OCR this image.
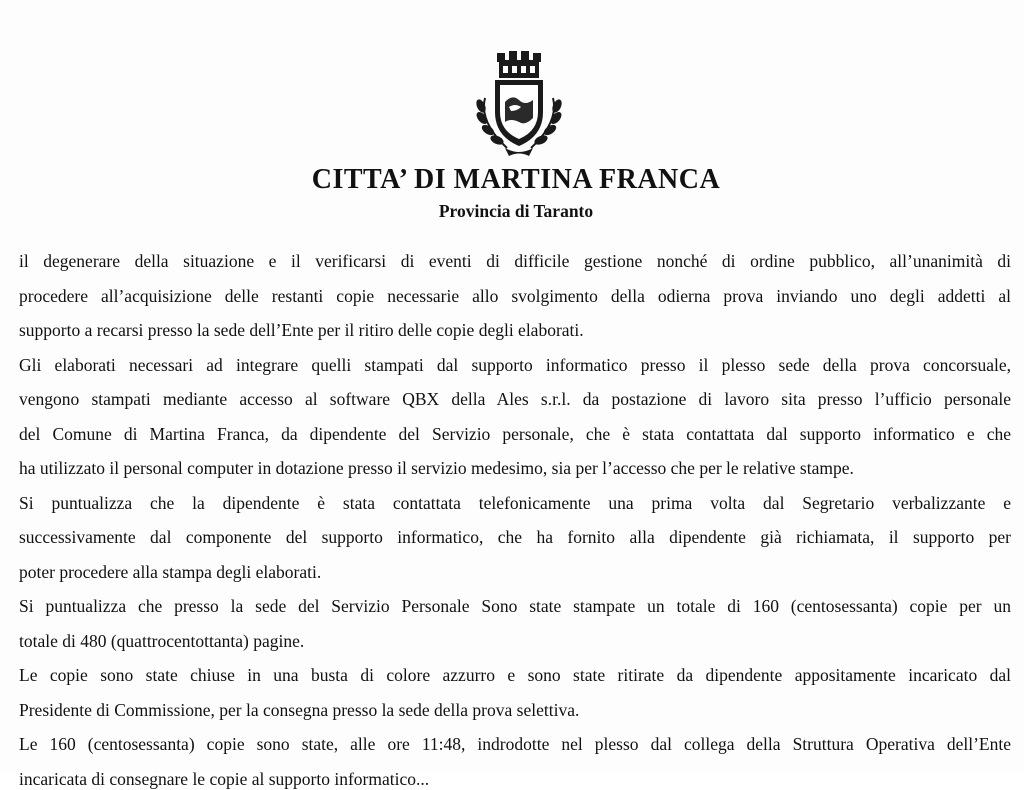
CITTA’ DI MARTINA FRANCA
Provincia di Taranto
il degenerare della situazione e il verificarsi di eventi di difficile gestione nonché di ordine pubblico, all’unanimità di
procedere all’acquisizione delle restanti copie necessarie allo svolgimento della odierna prova inviando uno degli addetti al
supporto a recarsi presso la sede dell’Ente per il ritiro delle copie degli elaborati.
Gli elaborati necessari ad integrare quelli stampati dal supporto informatico presso il plesso sede della prova concorsuale,
vengono stampati mediante accesso al software QBX della Ales s.r.l. da postazione di lavoro sita presso l’ufficio personale
del Comune di Martina Franca, da dipendente del Servizio personale, che è stata contattata dal supporto informatico e che
ha utilizzato il personal computer in dotazione presso il servizio medesimo, sia per l’accesso che per le relative stampe.
Si puntualizza che la dipendente è stata contattata telefonicamente una prima volta dal Segretario verbalizzante e
successivamente dal componente del supporto informatico, che ha fornito alla dipendente già richiamata, il supporto per
poter procedere alla stampa degli elaborati.
Si puntualizza che presso la sede del Servizio Personale Sono state stampate un totale di 160 (centosessanta) copie per un
totale di 480 (quattrocentottanta) pagine.
Le copie sono state chiuse in una busta di colore azzurro e sono state ritirate da dipendente appositamente incaricato dal
Presidente di Commissione, per la consegna presso la sede della prova selettiva.
Le 160 (centosessanta) copie sono state, alle ore 11:48, indrodotte nel plesso dal collega della Struttura Operativa dell’Ente
incaricata di consegnare le copie al supporto informatico...
